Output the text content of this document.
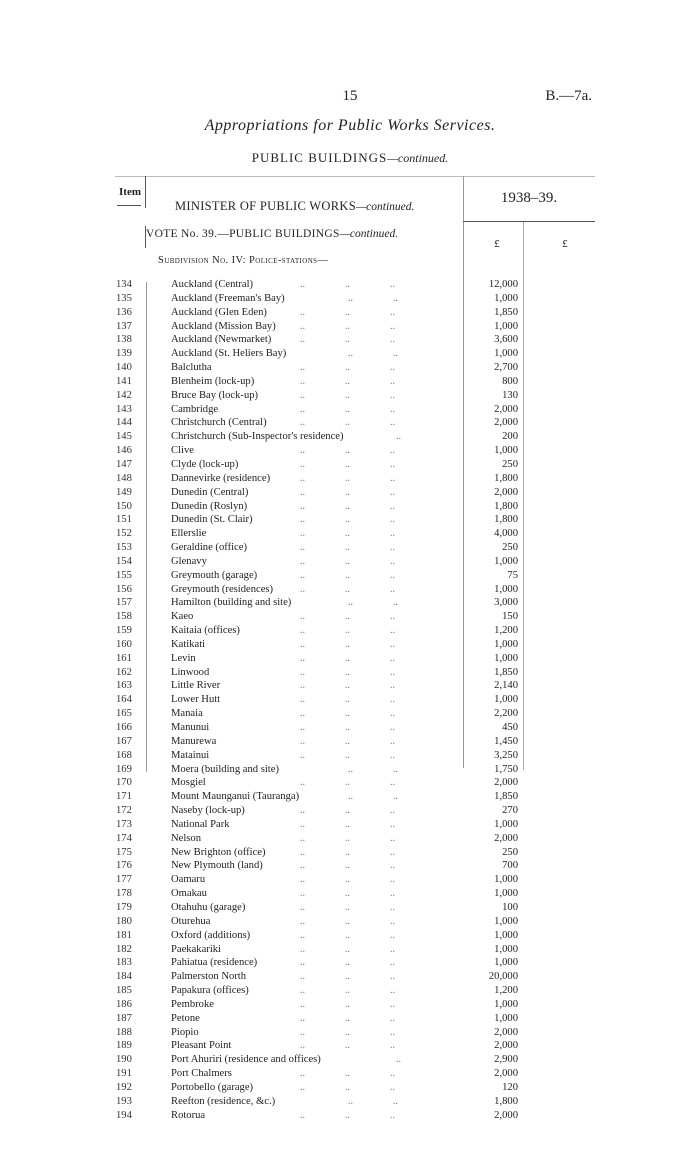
15	B.—7a.
Appropriations for Public Works Services.
PUBLIC BUILDINGS—continued.
Item
MINISTER OF PUBLIC WORKS—continued.
1938–39.
VOTE No. 39.—PUBLIC BUILDINGS—continued.
£	£
Subdivision No. IV: Police-stations—
134	Auckland (Central)	..    ..    ..	12,000
135	Auckland (Freeman's Bay)	..    ..	1,000
136	Auckland (Glen Eden)	..    ..    ..	1,850
137	Auckland (Mission Bay)	..    ..    ..	1,000
138	Auckland (Newmarket)	..    ..    ..	3,600
139	Auckland (St. Heliers Bay)	..    ..	1,000
140	Balclutha	..    ..    ..	2,700
141	Blenheim (lock-up)	..    ..    ..	800
142	Bruce Bay (lock-up)	..    ..    ..	130
143	Cambridge	..    ..    ..	2,000
144	Christchurch (Central)	..    ..    ..	2,000
145	Christchurch (Sub-Inspector's residence)	..	200
146	Clive	..    ..    ..	1,000
147	Clyde (lock-up)	..    ..    ..	250
148	Dannevirke (residence)	..    ..    ..	1,800
149	Dunedin (Central)	..    ..    ..	2,000
150	Dunedin (Roslyn)	..    ..    ..	1,800
151	Dunedin (St. Clair)	..    ..    ..	1,800
152	Ellerslie	..    ..    ..	4,000
153	Geraldine (office)	..    ..    ..	250
154	Glenavy	..    ..    ..	1,000
155	Greymouth (garage)	..    ..    ..	75
156	Greymouth (residences)	..    ..    ..	1,000
157	Hamilton (building and site)	..    ..	3,000
158	Kaeo	..    ..    ..	150
159	Kaitaia (offices)	..    ..    ..	1,200
160	Katikati	..    ..    ..	1,000
161	Levin	..    ..    ..	1,000
162	Linwood	..    ..    ..	1,850
163	Little River	..    ..    ..	2,140
164	Lower Hutt	..    ..    ..	1,000
165	Manaia	..    ..    ..	2,200
166	Manunui	..    ..    ..	450
167	Manurewa	..    ..    ..	1,450
168	Matainui	..    ..    ..	3,250
169	Moera (building and site)	..    ..	1,750
170	Mosgiel	..    ..    ..	2,000
171	Mount Maunganui (Tauranga)	..    ..	1,850
172	Naseby (lock-up)	..    ..    ..	270
173	National Park	..    ..    ..	1,000
174	Nelson	..    ..    ..	2,000
175	New Brighton (office)	..    ..    ..	250
176	New Plymouth (land)	..    ..    ..	700
177	Oamaru	..    ..    ..	1,000
178	Omakau	..    ..    ..	1,000
179	Otahuhu (garage)	..    ..    ..	100
180	Oturehua	..    ..    ..	1,000
181	Oxford (additions)	..    ..    ..	1,000
182	Paekakariki	..    ..    ..	1,000
183	Pahiatua (residence)	..    ..    ..	1,000
184	Palmerston North	..    ..    ..	20,000
185	Papakura (offices)	..    ..    ..	1,200
186	Pembroke	..    ..    ..	1,000
187	Petone	..    ..    ..	1,000
188	Piopio	..    ..    ..	2,000
189	Pleasant Point	..    ..    ..	2,000
190	Port Ahuriri (residence and offices)	..	2,900
191	Port Chalmers	..    ..    ..	2,000
192	Portobello (garage)	..    ..    ..	120
193	Reefton (residence, &c.)	..    ..	1,800
194	Rotorua	..    ..    ..	2,000
